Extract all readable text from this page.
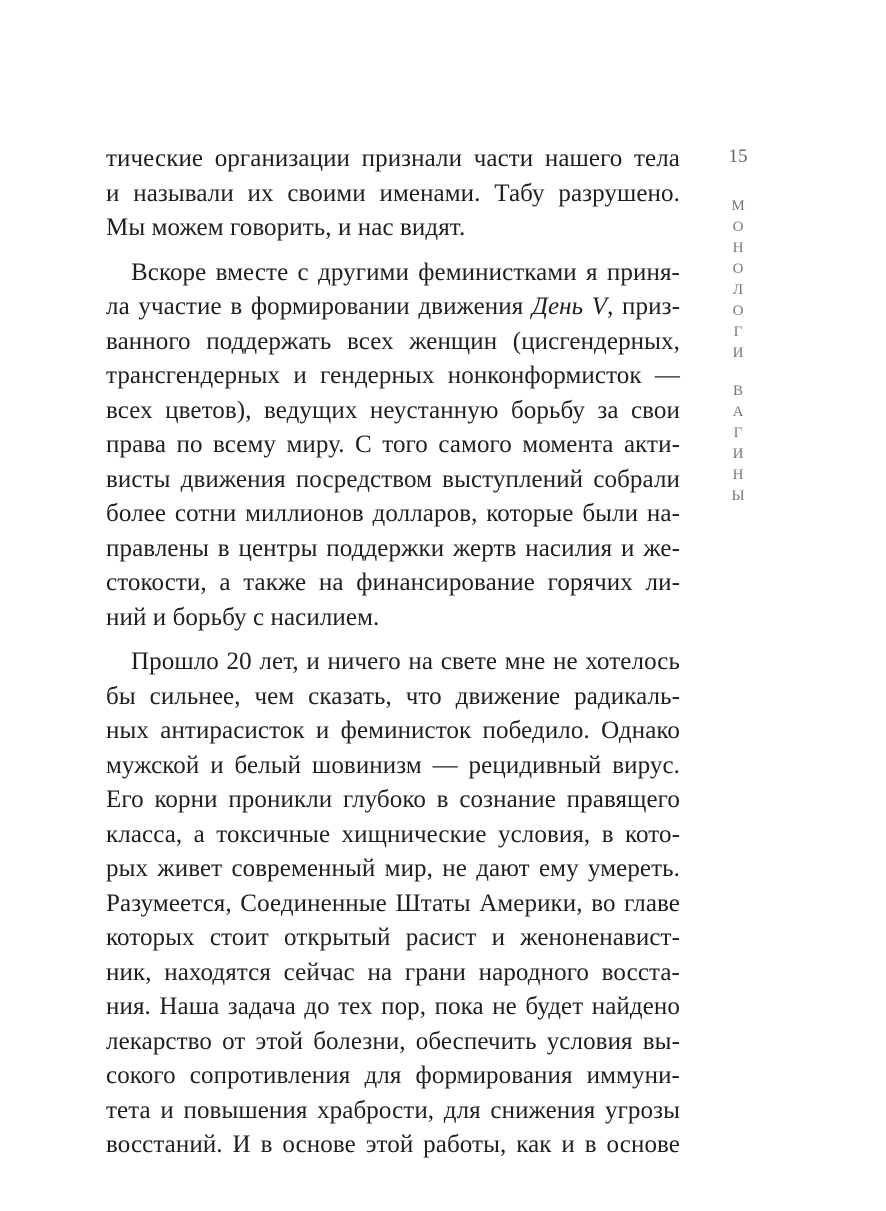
15
М
О
Н
О
Л
О
Г
И
В
А
Г
И
Н
Ы
тические организации признали части нашего тела
и называли их своими именами. Табу разрушено.
Мы можем говорить, и нас видят.
Вскоре вместе с другими феминистками я приня-
ла участие в формировании движения День V, приз-
ванного поддержать всех женщин (цисгендерных,
трансгендерных и гендерных нонконформисток —
всех цветов), ведущих неустанную борьбу за свои
права по всему миру. С того самого момента акти-
висты движения посредством выступлений собрали
более сотни миллионов долларов, которые были на-
правлены в центры поддержки жертв насилия и же-
стокости, а также на финансирование горячих ли-
ний и борьбу с насилием.
Прошло 20 лет, и ничего на свете мне не хотелось
бы сильнее, чем сказать, что движение радикаль-
ных антирасисток и феминисток победило. Однако
мужской и белый шовинизм — рецидивный вирус.
Его корни проникли глубоко в сознание правящего
класса, а токсичные хищнические условия, в кото-
рых живет современный мир, не дают ему умереть.
Разумеется, Соединенные Штаты Америки, во главе
которых стоит открытый расист и женоненавист-
ник, находятся сейчас на грани народного восста-
ния. Наша задача до тех пор, пока не будет найдено
лекарство от этой болезни, обеспечить условия вы-
сокого сопротивления для формирования иммуни-
тета и повышения храбрости, для снижения угрозы
восстаний. И в основе этой работы, как и в основе
